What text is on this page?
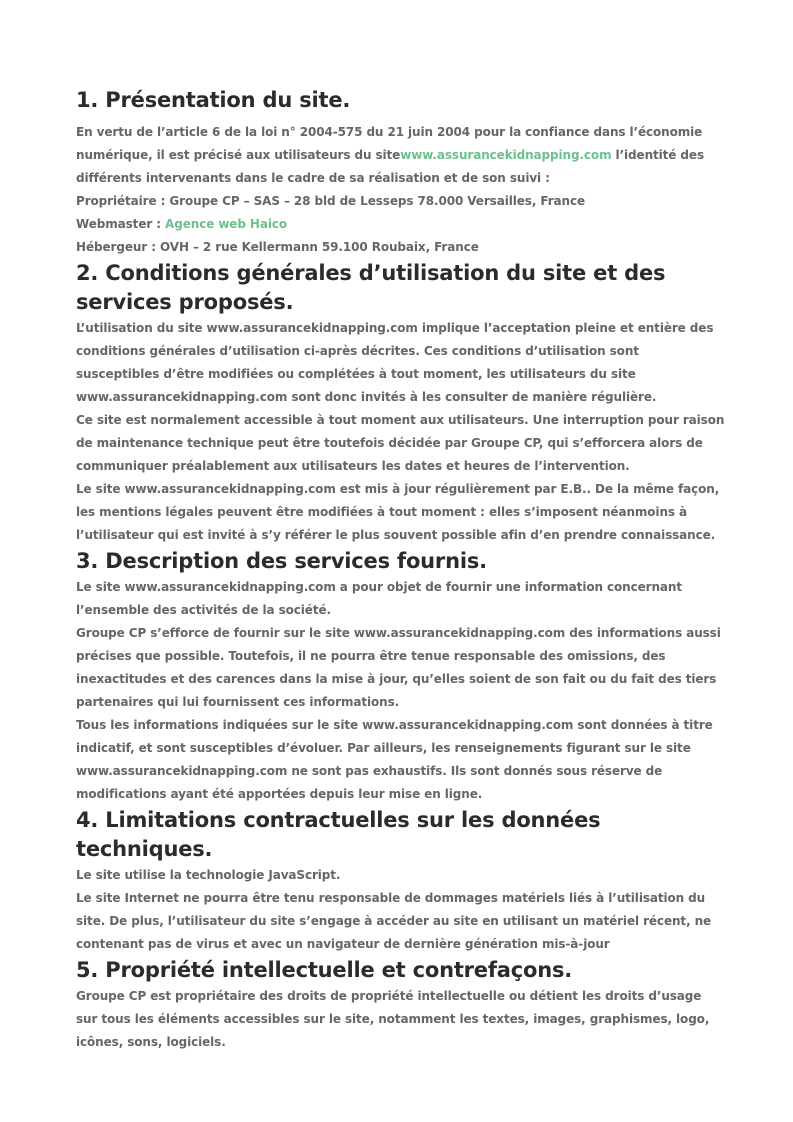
1. Présentation du site.

En vertu de l’article 6 de la loi n° 2004-575 du 21 juin 2004 pour la confiance dans l’économie numérique, il est précisé aux utilisateurs du sitewww.assurancekidnapping.com l’identité des différents intervenants dans le cadre de sa réalisation et de son suivi :

Propriétaire : Groupe CP – SAS – 28 bld de Lesseps 78.000 Versailles, France

Webmaster : Agence web Haico

Hébergeur : OVH – 2 rue Kellermann 59.100 Roubaix, France

2. Conditions générales d’utilisation du site et des services proposés.

L’utilisation du site www.assurancekidnapping.com implique l’acceptation pleine et entière des conditions générales d’utilisation ci-après décrites. Ces conditions d’utilisation sont susceptibles d’être modifiées ou complétées à tout moment, les utilisateurs du site www.assurancekidnapping.com sont donc invités à les consulter de manière régulière.

Ce site est normalement accessible à tout moment aux utilisateurs. Une interruption pour raison de maintenance technique peut être toutefois décidée par Groupe CP, qui s’efforcera alors de communiquer préalablement aux utilisateurs les dates et heures de l’intervention.

Le site www.assurancekidnapping.com est mis à jour régulièrement par E.B.. De la même façon, les mentions légales peuvent être modifiées à tout moment : elles s’imposent néanmoins à l’utilisateur qui est invité à s’y référer le plus souvent possible afin d’en prendre connaissance.

3. Description des services fournis.

Le site www.assurancekidnapping.com a pour objet de fournir une information concernant l’ensemble des activités de la société.

Groupe CP s’efforce de fournir sur le site www.assurancekidnapping.com des informations aussi précises que possible. Toutefois, il ne pourra être tenue responsable des omissions, des inexactitudes et des carences dans la mise à jour, qu’elles soient de son fait ou du fait des tiers partenaires qui lui fournissent ces informations.

Tous les informations indiquées sur le site www.assurancekidnapping.com sont données à titre indicatif, et sont susceptibles d’évoluer. Par ailleurs, les renseignements figurant sur le site www.assurancekidnapping.com ne sont pas exhaustifs. Ils sont donnés sous réserve de modifications ayant été apportées depuis leur mise en ligne.

4. Limitations contractuelles sur les données techniques.

Le site utilise la technologie JavaScript.

Le site Internet ne pourra être tenu responsable de dommages matériels liés à l’utilisation du site. De plus, l’utilisateur du site s’engage à accéder au site en utilisant un matériel récent, ne contenant pas de virus et avec un navigateur de dernière génération mis-à-jour

5. Propriété intellectuelle et contrefaçons.

Groupe CP est propriétaire des droits de propriété intellectuelle ou détient les droits d’usage sur tous les éléments accessibles sur le site, notamment les textes, images, graphismes, logo, icônes, sons, logiciels.
